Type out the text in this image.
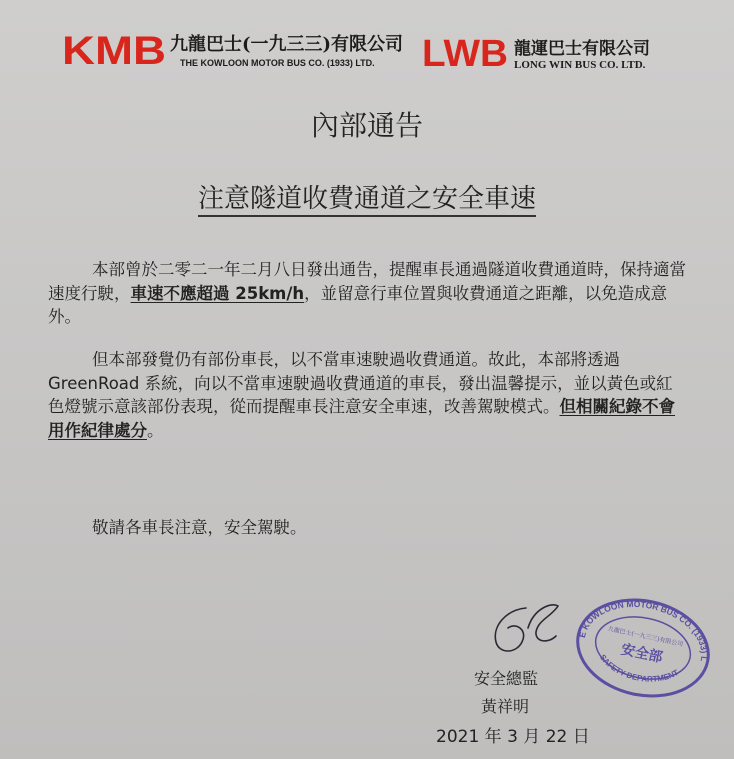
KMB 九龍巴士(一九三三)有限公司
THE KOWLOON MOTOR BUS CO. (1933) LTD. LWB 龍運巴士有限公司
LONG WIN BUS CO. LTD.
內部通告
注意隧道收費通道之安全車速
本部曾於二零二一年二月八日發出通告，提醒車長通過隧道收費通道時，保持適當速度行駛，車速不應超過 25km/h，並留意行車位置與收費通道之距離，以免造成意外。
但本部發覺仍有部份車長，以不當車速駛過收費通道。故此，本部將透過 GreenRoad 系統，向以不當車速駛過收費通道的車長，發出温馨提示，並以黃色或紅色燈號示意該部份表現，從而提醒車長注意安全車速，改善駕駛模式。但相關紀錄不會用作紀律處分。
敬請各車長注意，安全駕駛。
安全總監
黃祥明
2021 年 3 月 22 日
THE KOWLOON MOTOR BUS CO. (1933) LTD.
SAFETY DEPARTMENT
九龍巴士(一九三三)有限公司
安全部
